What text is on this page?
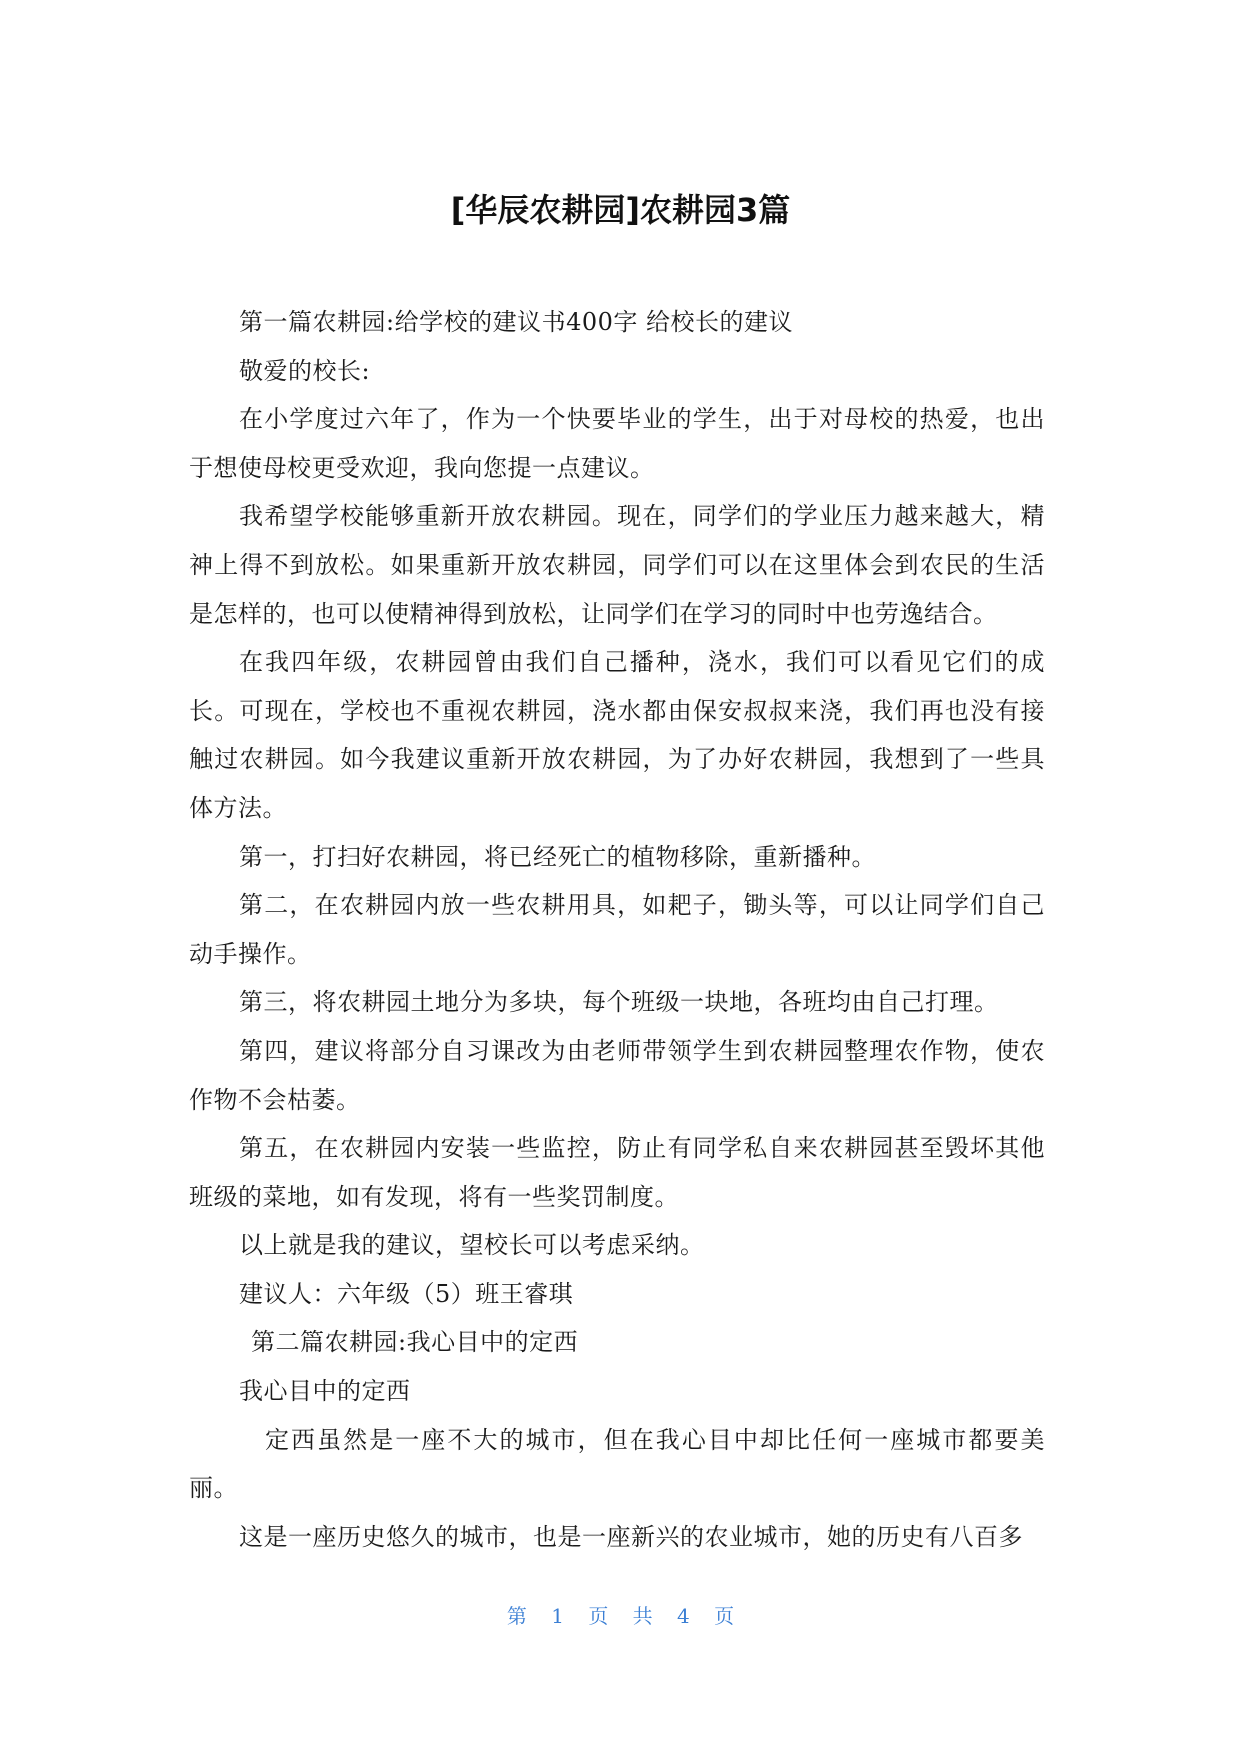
[华辰农耕园]农耕园3篇

第一篇农耕园:给学校的建议书400字 给校长的建议

敬爱的校长:

在小学度过六年了，作为一个快要毕业的学生，出于对母校的热爱，也出于想使母校更受欢迎，我向您提一点建议。

我希望学校能够重新开放农耕园。现在，同学们的学业压力越来越大，精神上得不到放松。如果重新开放农耕园，同学们可以在这里体会到农民的生活是怎样的，也可以使精神得到放松，让同学们在学习的同时中也劳逸结合。

在我四年级，农耕园曾由我们自己播种，浇水，我们可以看见它们的成长。可现在，学校也不重视农耕园，浇水都由保安叔叔来浇，我们再也没有接触过农耕园。如今我建议重新开放农耕园，为了办好农耕园，我想到了一些具体方法。

第一，打扫好农耕园，将已经死亡的植物移除，重新播种。

第二，在农耕园内放一些农耕用具，如耙子，锄头等，可以让同学们自己动手操作。

第三，将农耕园土地分为多块，每个班级一块地，各班均由自己打理。

第四，建议将部分自习课改为由老师带领学生到农耕园整理农作物，使农作物不会枯萎。

第五，在农耕园内安装一些监控，防止有同学私自来农耕园甚至毁坏其他班级的菜地，如有发现，将有一些奖罚制度。

以上就是我的建议，望校长可以考虑采纳。

建议人：六年级（5）班王睿琪

第二篇农耕园:我心目中的定西

我心目中的定西

定西虽然是一座不大的城市，但在我心目中却比任何一座城市都要美丽。

这是一座历史悠久的城市，也是一座新兴的农业城市，她的历史有八百多

第 1 页 共 4 页
